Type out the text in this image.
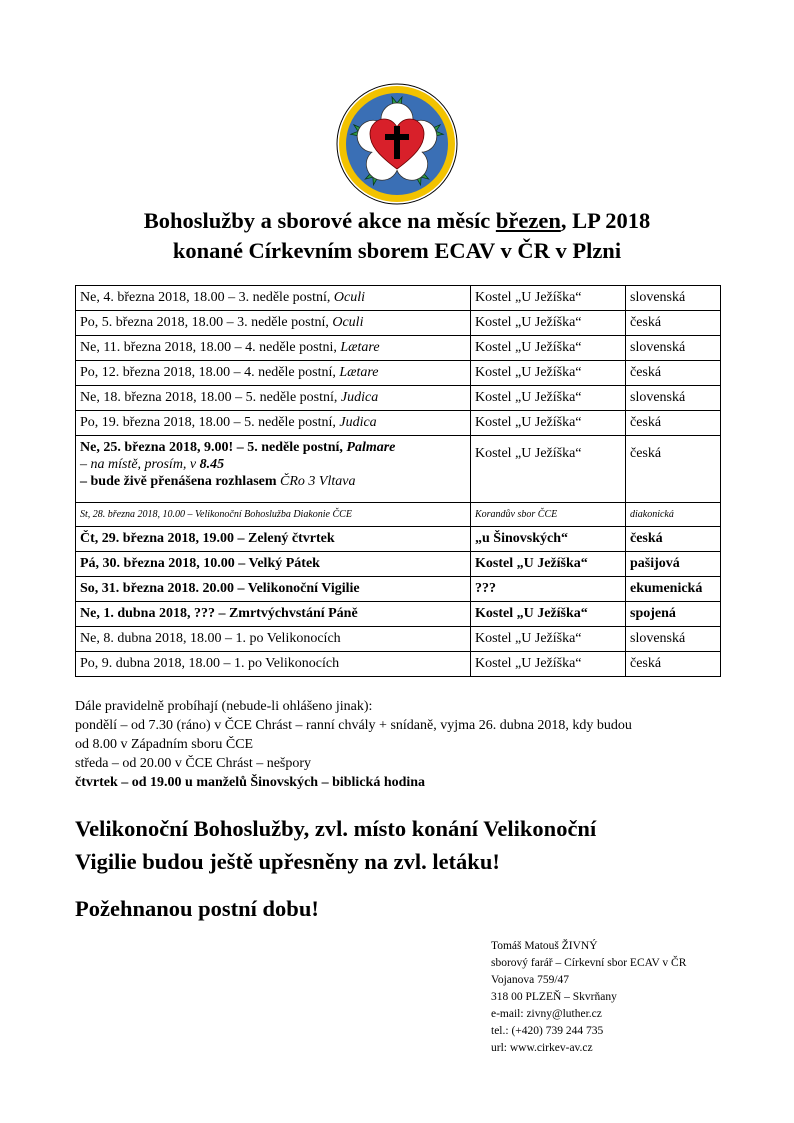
Bohoslužby a sborové akce na měsíc březen, LP 2018
konané Církevním sborem ECAV v ČR v Plzni
Ne, 4. března 2018, 18.00 – 3. neděle postní, Oculi	Kostel „U Ježíška“	slovenská
Po, 5. března 2018, 18.00 – 3. neděle postní, Oculi	Kostel „U Ježíška“	česká
Ne, 11. března 2018, 18.00 – 4. neděle postni, Lætare	Kostel „U Ježíška“	slovenská
Po, 12. března 2018, 18.00 – 4. neděle postní, Lætare	Kostel „U Ježíška“	česká
Ne, 18. března 2018, 18.00 – 5. neděle postní, Judica	Kostel „U Ježíška“	slovenská
Po, 19. března 2018, 18.00 – 5. neděle postní, Judica	Kostel „U Ježíška“	česká

Ne, 25. března 2018, 9.00! – 5. neděle postní, Palmare
– na místě, prosím, v 8.45
– bude živě přenášena rozhlasem ČRo 3 Vltava	Kostel „U Ježíška“	česká
St, 28. března 2018, 10.00 – Velikonoční Bohoslužba Diakonie ČCE	Korandův sbor ČCE	diakonická
Čt, 29. března 2018, 19.00 – Zelený čtvrtek	„u Šinovských“	česká
Pá, 30. března 2018, 10.00 – Velký Pátek	Kostel „U Ježíška“	pašijová
So, 31. března 2018. 20.00 – Velikonoční Vigilie	???	ekumenická
Ne, 1. dubna 2018, ??? – Zmrtvýchvstání Páně	Kostel „U Ježíška“	spojená
Ne, 8. dubna 2018, 18.00 – 1. po Velikonocích	Kostel „U Ježíška“	slovenská
Po, 9. dubna 2018, 18.00 – 1. po Velikonocích	Kostel „U Ježíška“	česká
Dále pravidelně probíhají (nebude-li ohlášeno jinak):
pondělí – od 7.30 (ráno) v ČCE Chrást – ranní chvály + snídaně, vyjma 26. dubna 2018, kdy budou
od 8.00 v Západním sboru ČCE
středa – od 20.00 v ČCE Chrást – nešpory
čtvrtek – od 19.00 u manželů Šinovských – biblická hodina
Velikonoční Bohoslužby, zvl. místo konání Velikonoční
Vigilie budou ještě upřesněny na zvl. letáku!
Požehnanou postní dobu!
Tomáš Matouš ŽIVNÝ
sborový farář – Církevní sbor ECAV v ČR
Vojanova 759/47
318 00 PLZEŇ – Skvrňany
e-mail: zivny@luther.cz
tel.: (+420) 739 244 735
url: www.cirkev-av.cz
